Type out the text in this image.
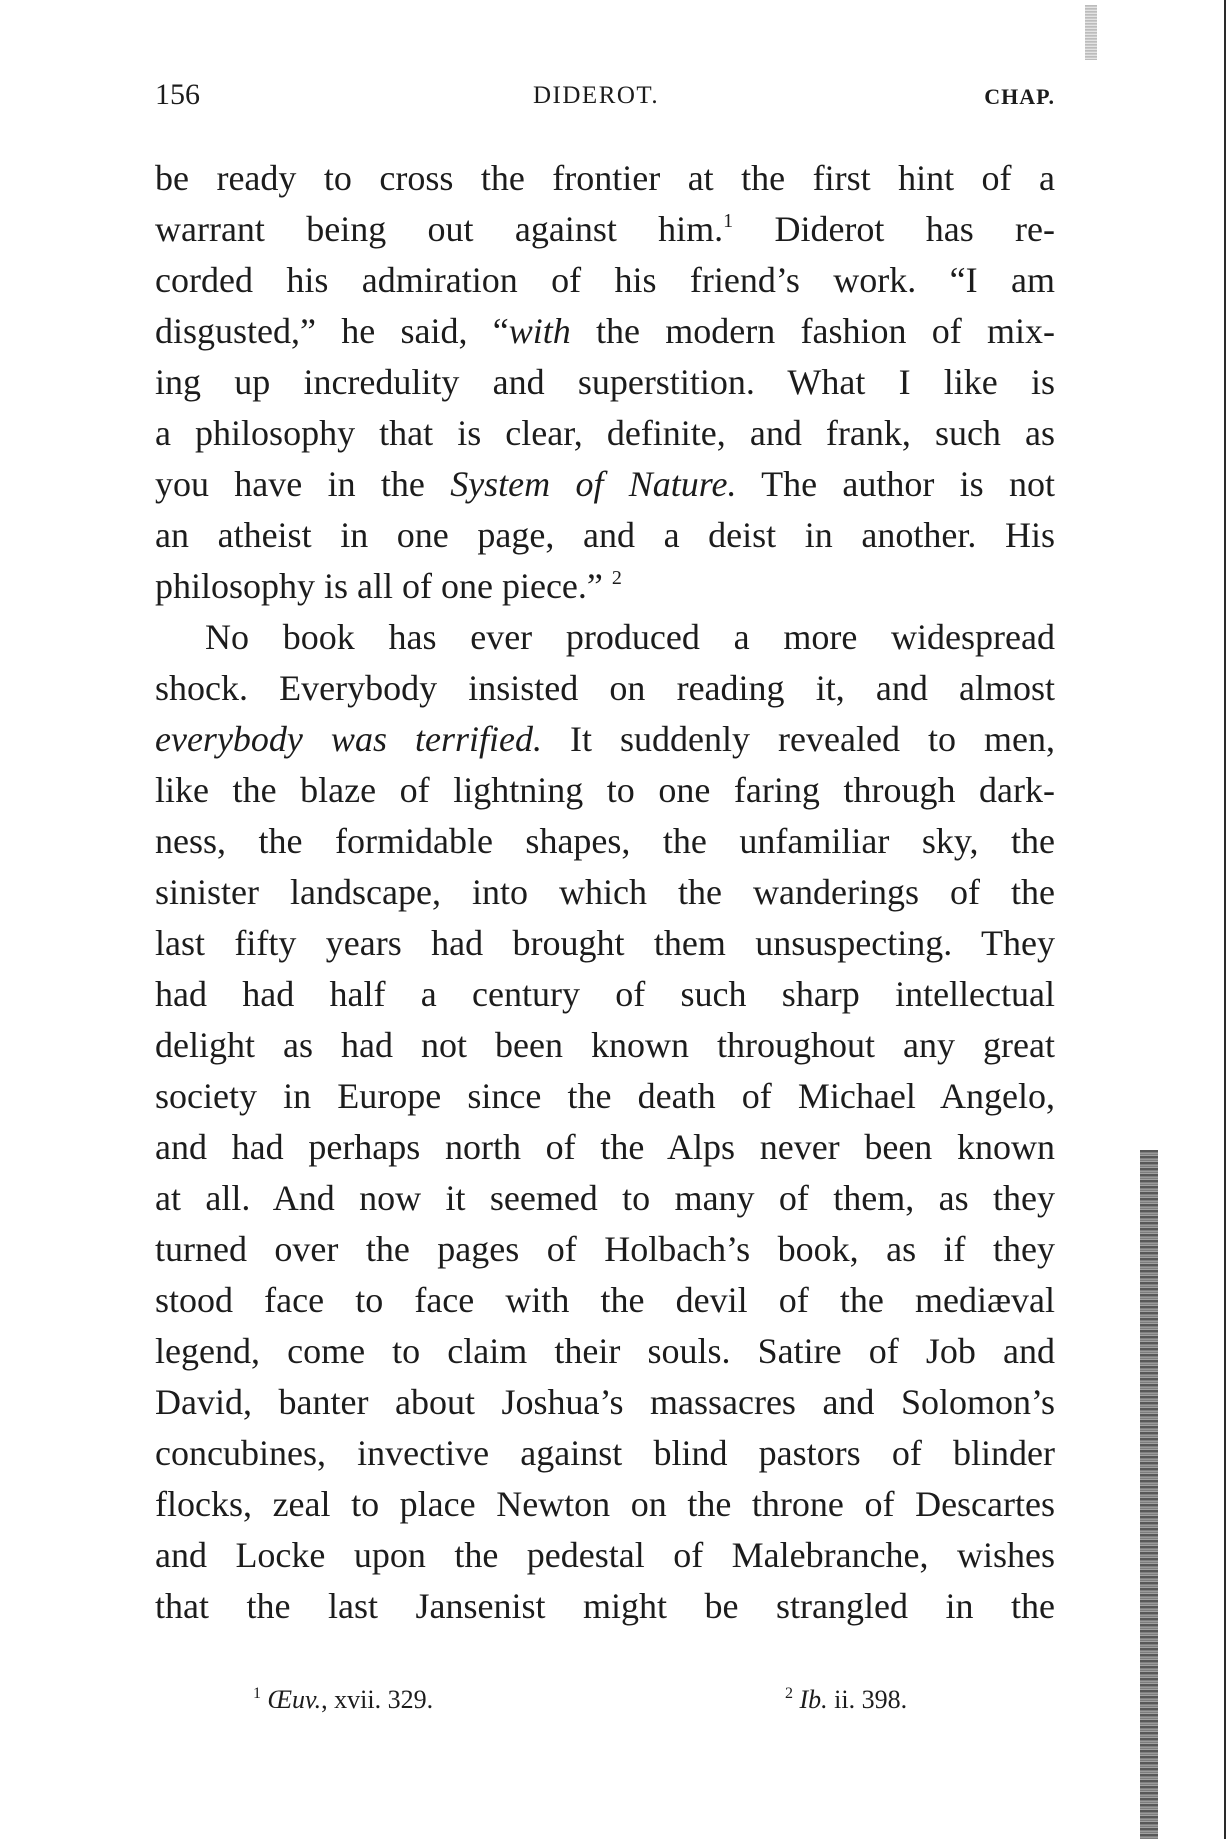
156	DIDEROT.	CHAP.
be ready to cross the frontier at the first hint of a
warrant being out against him.$^1$ Diderot has re-
corded his admiration of his friend’s work. “I am
disgusted,” he said, “with the modern fashion of mix-
ing up incredulity and superstition. What I like is
a philosophy that is clear, definite, and frank, such as
you have in the System of Nature. The author is not
an atheist in one page, and a deist in another. His
philosophy is all of one piece.” $^2$
No book has ever produced a more widespread
shock. Everybody insisted on reading it, and almost
everybody was terrified. It suddenly revealed to men,
like the blaze of lightning to one faring through dark-
ness, the formidable shapes, the unfamiliar sky, the
sinister landscape, into which the wanderings of the
last fifty years had brought them unsuspecting. They
had had half a century of such sharp intellectual
delight as had not been known throughout any great
society in Europe since the death of Michael Angelo,
and had perhaps north of the Alps never been known
at all. And now it seemed to many of them, as they
turned over the pages of Holbach’s book, as if they
stood face to face with the devil of the mediæval
legend, come to claim their souls. Satire of Job and
David, banter about Joshua’s massacres and Solomon’s
concubines, invective against blind pastors of blinder
flocks, zeal to place Newton on the throne of Descartes
and Locke upon the pedestal of Malebranche, wishes
that the last Jansenist might be strangled in the
$^1$ Œuv., xvii. 329.	$^2$ Ib. ii. 398.
